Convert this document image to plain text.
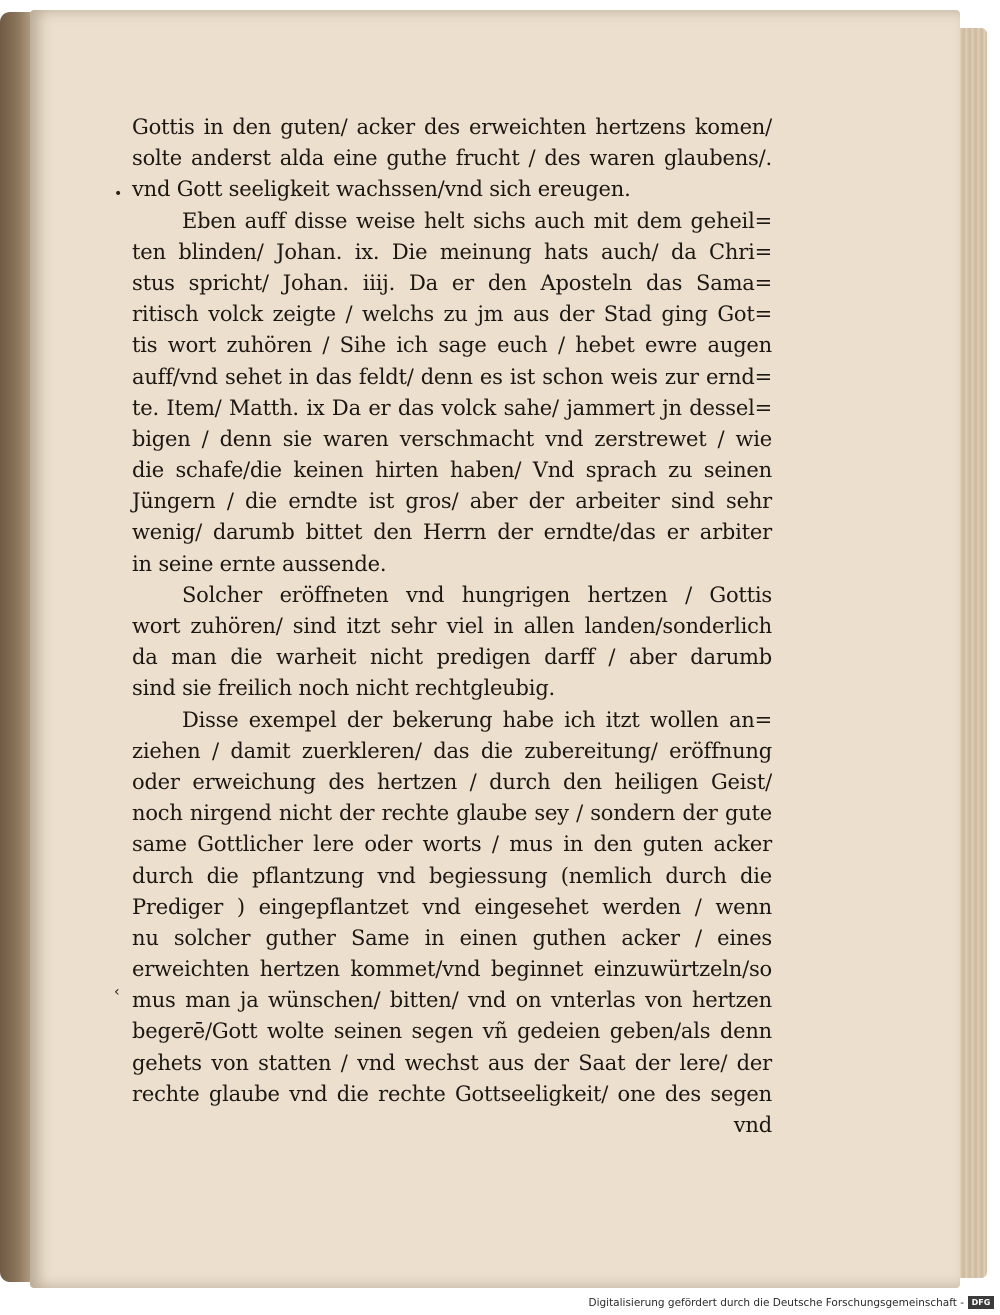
•
‹
Gottis in den guten/ acker des erweichten hertzens komen/
solte anderst alda eine guthe frucht / des waren glaubens/.
vnd Gott seeligkeit wachssen/vnd sich ereugen.
Eben auff disse weise helt sichs auch mit dem geheil=
ten blinden/ Johan. ix. Die meinung hats auch/ da Chri=
stus spricht/ Johan. iiij. Da er den Aposteln das Sama=
ritisch volck zeigte / welchs zu jm aus der Stad ging Got=
tis wort zuhören / Sihe ich sage euch / hebet ewre augen
auff/vnd sehet in das feldt/ denn es ist schon weis zur ernd=
te. Item/ Matth. ix Da er das volck sahe/ jammert jn dessel=
bigen / denn sie waren verschmacht vnd zerstrewet / wie
die schafe/die keinen hirten haben/ Vnd sprach zu seinen
Jüngern / die erndte ist gros/ aber der arbeiter sind sehr
wenig/ darumb bittet den Herrn der erndte/das er arbiter
in seine ernte aussende.
Solcher eröffneten vnd hungrigen hertzen / Gottis
wort zuhören/ sind itzt sehr viel in allen landen/sonderlich
da man die warheit nicht predigen darff / aber darumb
sind sie freilich noch nicht rechtgleubig.
Disse exempel der bekerung habe ich itzt wollen an=
ziehen / damit zuerkleren/ das die zubereitung/ eröffnung
oder erweichung des hertzen / durch den heiligen Geist/
noch nirgend nicht der rechte glaube sey / sondern der gute
same Gottlicher lere oder worts / mus in den guten acker
durch die pflantzung vnd begiessung (nemlich durch die
Prediger ) eingepflantzet vnd eingesehet werden / wenn
nu solcher guther Same in einen guthen acker / eines
erweichten hertzen kommet/vnd beginnet einzuwürtzeln/so
mus man ja wünschen/ bitten/ vnd on vnterlas von hertzen
begerē/Gott wolte seinen segen vñ gedeien geben/als denn
gehets von statten / vnd wechst aus der Saat der lere/ der
rechte glaube vnd die rechte Gottseeligkeit/ one des segen
vnd
Digitalisierung gefördert durch die Deutsche Forschungsgemeinschaft - DFG
